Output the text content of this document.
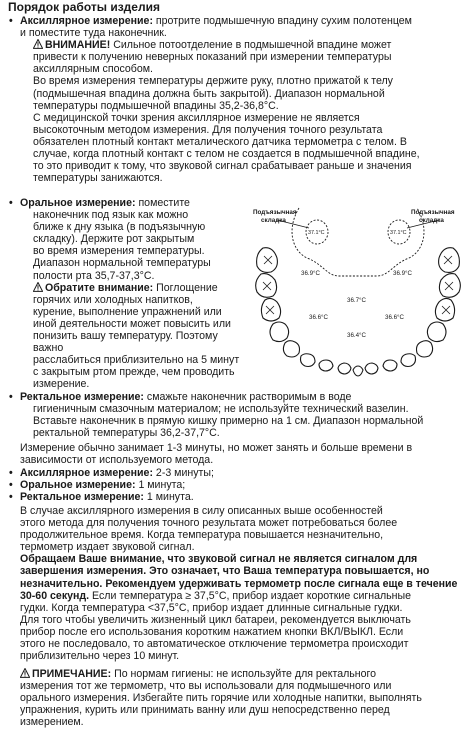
Порядок работы изделия
• Аксиллярное измерение: протрите подмышечную впадину сухим полотенцем
и поместите туда наконечник.
ВНИМАНИЕ! Сильное потоотделение в подмышечной впадине может
привести к получению неверных показаний при измерении температуры
аксиллярным способом.
Во время измерения температуры держите руку, плотно прижатой к телу
(подмышечная впадина должна быть закрытой). Диапазон нормальной
температуры подмышечной впадины 35,2-36,8°С.
С медицинской точки зрения аксиллярное измерение не является
высокоточным методом измерения. Для получения точного результата
обязателен плотный контакт металического датчика термометра с телом. В
случае, когда плотный контакт с телом не создается в подмышечной впадине,
то это приводит к тому, что звуковой сигнал срабатывает раньше и значения
температуры занижаются.
• Оральное измерение: поместите
наконечник под язык как можно
ближе к дну языка (в подъязычную
складку). Держите рот закрытым
во время измерения температуры.
Диапазон нормальной температуры
полости рта 35,7-37,3°С.
Обратите внимание: Поглощение
горячих или холодных напитков,
курение, выполнение упражнений или
иной деятельности может повысить или
понизить вашу температуру. Поэтому важно
расслабиться приблизительно на 5 минут
с закрытым ртом прежде, чем проводить
измерение.
Подъязычная
складка
Подъязычная
складка
37.1°C	37.1°C
36.9°C	36.9°C
36.7°C
36.6°C	36.6°C
36.4°C
• Ректальное измерение: смажьте наконечник растворимым в воде
гигиеничным смазочным материалом; не используйте технический вазелин.
Вставьте наконечник в прямую кишку примерно на 1 см. Диапазон нормальной
ректальной температуры 36,2-37,7°С.
Измерение обычно занимает 1-3 минуты, но может занять и больше времени в
зависимости от используемого метода.
• Аксиллярное измерение: 2-3 минуты;
• Оральное измерение: 1 минута;
• Ректальное измерение: 1 минута.
В случае аксиллярного измерения в силу описанных выше особенностей
этого метода для получения точного результата может потребоваться более
продолжительное время. Когда температура повышается незначительно,
термометр издает звуковой сигнал.
Обращаем Ваше внимание, что звуковой сигнал не является сигналом для
завершения измерения. Это означает, что Ваша температура повышается, но
незначительно. Рекомендуем удерживать термометр после сигнала еще в течение
30-60 секунд. Если температура ≥ 37,5°С, прибор издает короткие сигнальные
гудки. Когда температура <37,5°С, прибор издает длинные сигнальные гудки.
Для того чтобы увеличить жизненный цикл батареи, рекомендуется выключать
прибор после его использования коротким нажатием кнопки ВКЛ/ВЫКЛ. Если
этого не последовало, то автоматическое отключение термометра происходит
приблизительно через 10 минут.
ПРИМЕЧАНИЕ: По нормам гигиены: не используйте для ректального
измерения тот же термометр, что вы использовали для подмышечного или
орального измерения. Избегайте пить горячие или холодные напитки, выполнять
упражнения, курить или принимать ванну или душ непосредственно перед
измерением.
